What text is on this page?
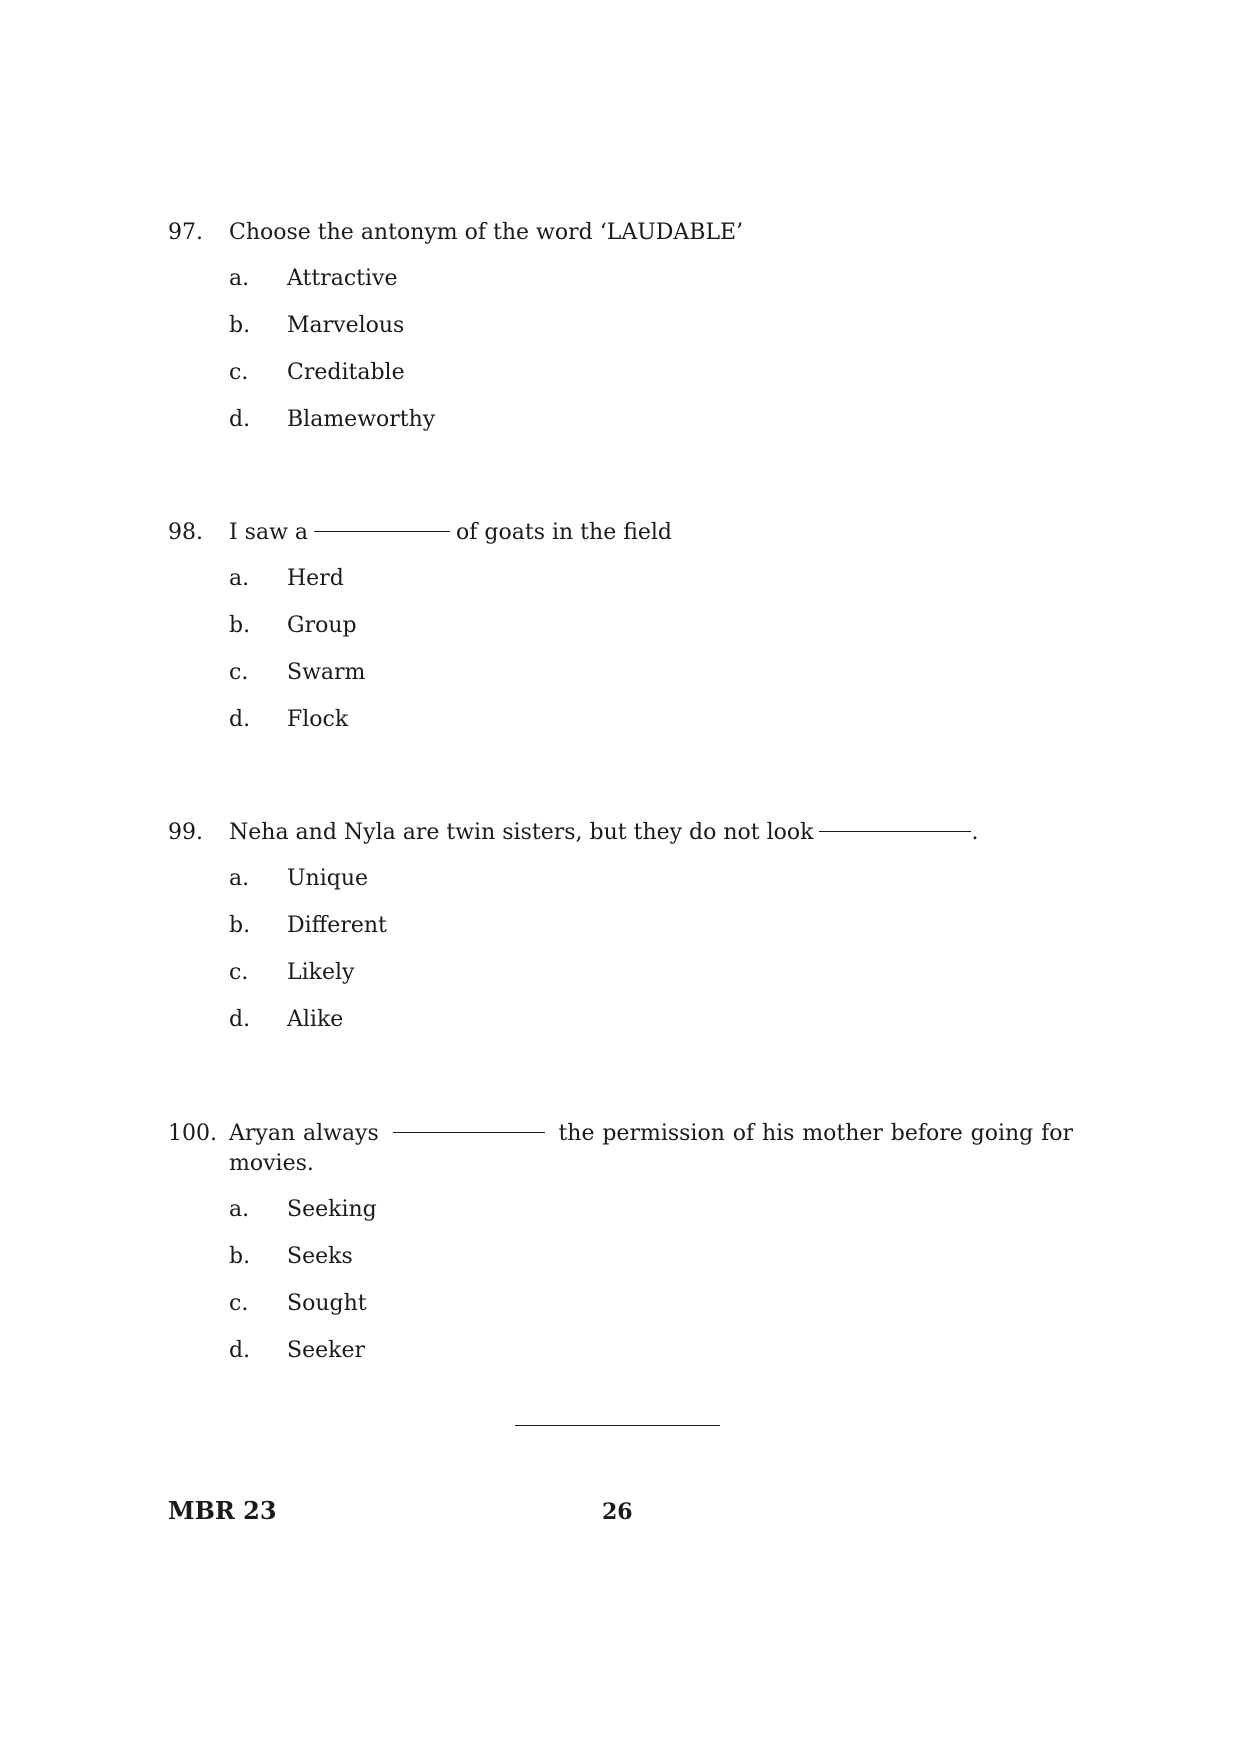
97.	Choose the antonym of the word ‘LAUDABLE’
a.	Attractive
b.	Marvelous
c.	Creditable
d.	Blameworthy
98.	I saw a	of goats in the field
a.	Herd
b.	Group
c.	Swarm
d.	Flock
99.	Neha and Nyla are twin sisters, but they do not look	.
a.	Unique
b.	Different
c.	Likely
d.	Alike
100. Aryan always	the permission of his mother before going for
movies.
a.	Seeking
b.	Seeks
c.	Sought
d.	Seeker
MBR 23	26
